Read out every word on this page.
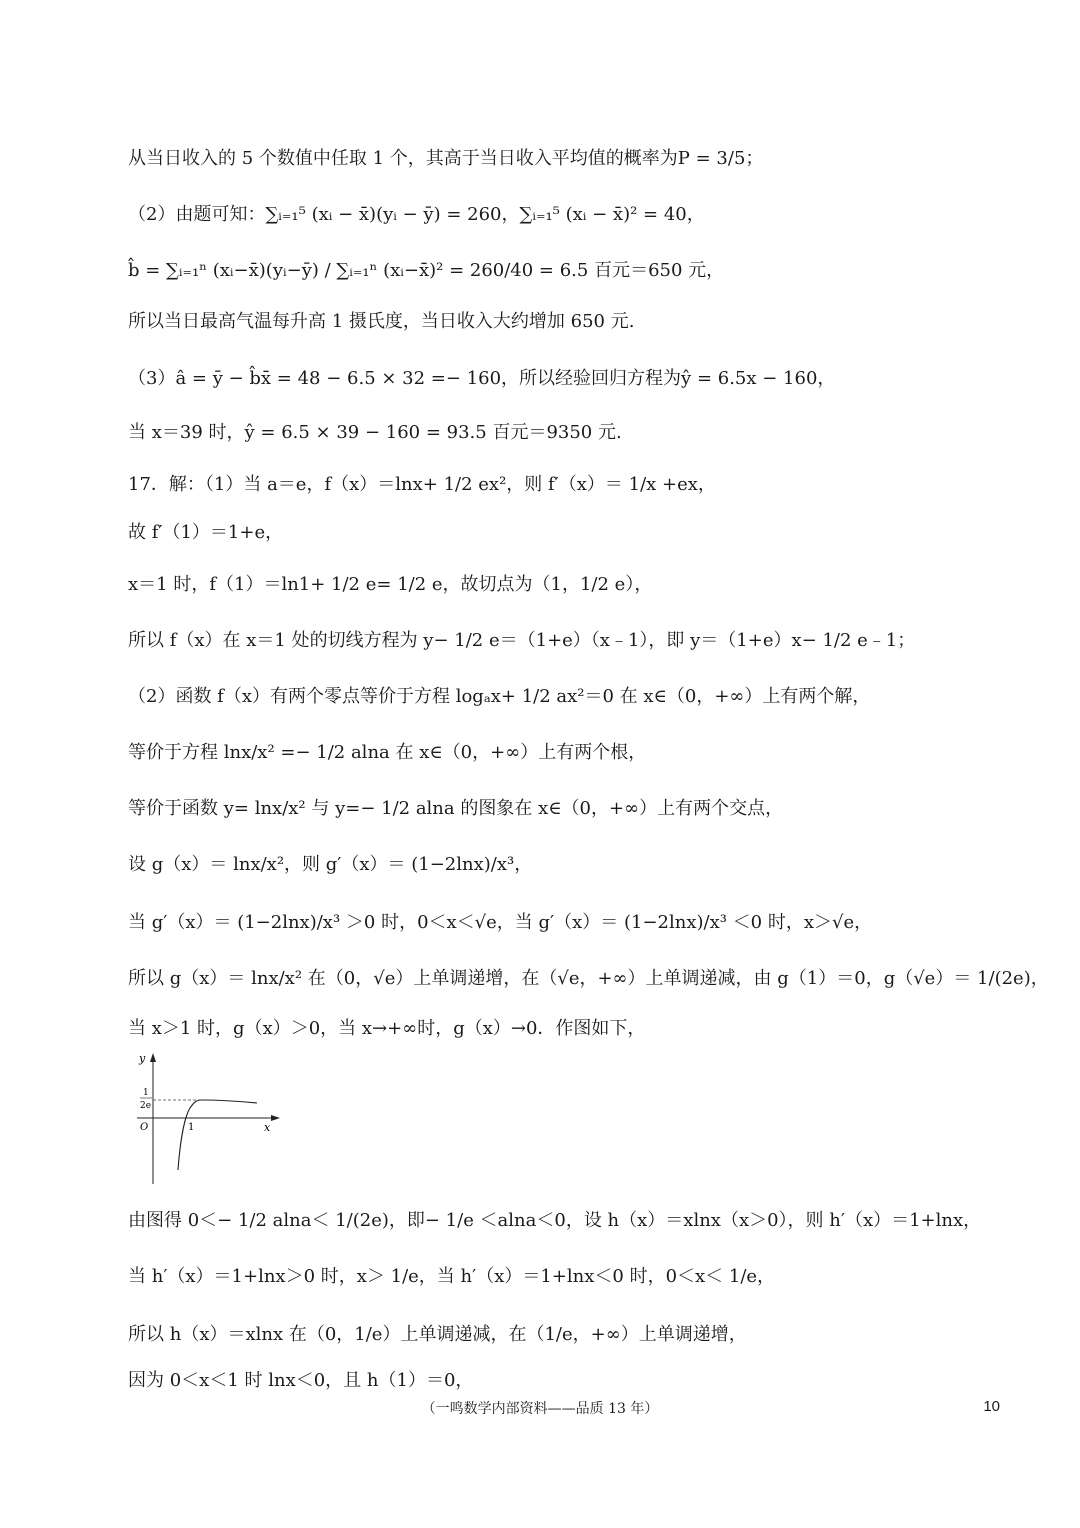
从当日收入的 5 个数值中任取 1 个，其高于当日收入平均值的概率为P = 3/5；
（2）由题可知：∑ᵢ₌₁⁵ (xᵢ − x̄)(yᵢ − ȳ) = 260，∑ᵢ₌₁⁵ (xᵢ − x̄)² = 40，
b̂ = ∑ᵢ₌₁ⁿ (xᵢ−x̄)(yᵢ−ȳ) / ∑ᵢ₌₁ⁿ (xᵢ−x̄)² = 260/40 = 6.5 百元＝650 元，
所以当日最高气温每升高 1 摄氏度，当日收入大约增加 650 元.
（3）â = ȳ − b̂x̄ = 48 − 6.5 × 32 =− 160，所以经验回归方程为ŷ = 6.5x − 160，
当 x＝39 时，ŷ = 6.5 × 39 − 160 = 93.5 百元＝9350 元.
17．解：（1）当 a＝e，f（x）＝lnx+ 1/2 ex²，则 f′（x）＝ 1/x +ex，
故 f′（1）＝1+e，
x＝1 时，f（1）＝ln1+ 1/2 e= 1/2 e，故切点为（1，1/2 e），
所以 f（x）在 x＝1 处的切线方程为 y− 1/2 e＝（1+e）（x﹣1），即 y＝（1+e）x− 1/2 e﹣1；
（2）函数 f（x）有两个零点等价于方程 logₐx+ 1/2 ax²＝0 在 x∈（0，+∞）上有两个解，
等价于方程 lnx/x² =− 1/2 alna 在 x∈（0，+∞）上有两个根，
等价于函数 y= lnx/x² 与 y=− 1/2 alna 的图象在 x∈（0，+∞）上有两个交点，
设 g（x）＝ lnx/x²，则 g′（x）＝ (1−2lnx)/x³，
当 g′（x）＝ (1−2lnx)/x³ ＞0 时，0＜x＜√e，当 g′（x）＝ (1−2lnx)/x³ ＜0 时，x＞√e，
所以 g（x）＝ lnx/x² 在（0，√e）上单调递增，在（√e，+∞）上单调递减，由 g（1）＝0，g（√e）＝ 1/(2e)，
当 x＞1 时，g（x）＞0，当 x→+∞时，g（x）→0．作图如下，
y
x
O	1
1
2e
由图得 0＜− 1/2 alna＜ 1/(2e)，即− 1/e ＜alna＜0，设 h（x）＝xlnx（x＞0），则 h′（x）＝1+lnx，
当 h′（x）＝1+lnx＞0 时，x＞ 1/e，当 h′（x）＝1+lnx＜0 时，0＜x＜ 1/e，
所以 h（x）＝xlnx 在（0，1/e）上单调递减，在（1/e，+∞）上单调递增，
因为 0＜x＜1 时 lnx＜0，且 h（1）＝0，
（一鸣数学内部资料——品质 13 年）	10
